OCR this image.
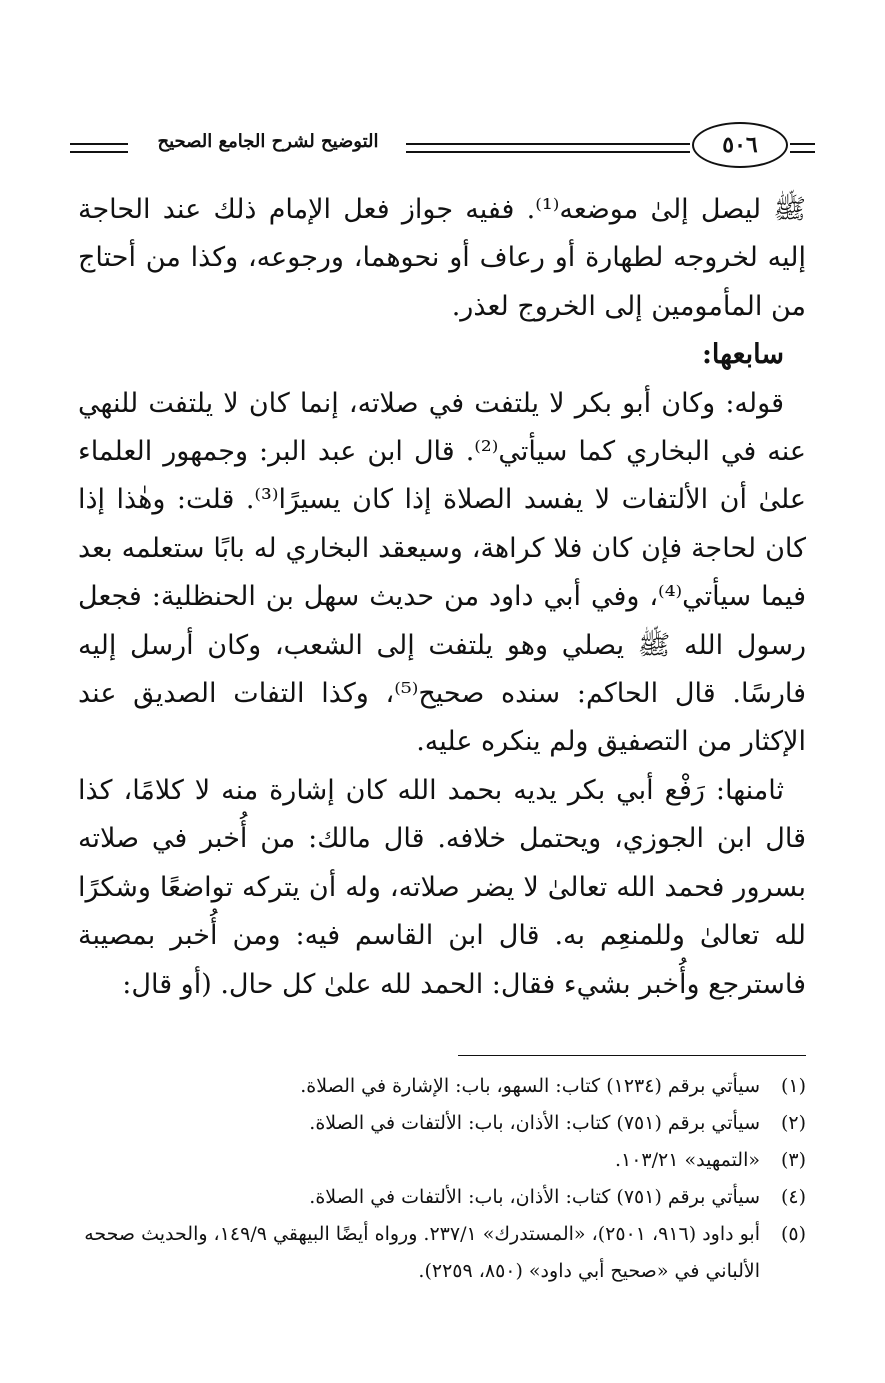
التوضيح لشرح الجامع الصحيح	٥٠٦

ﷺ ليصل إلىٰ موضعه⁽¹⁾. ففيه جواز فعل الإمام ذلك عند الحاجة إليه لخروجه لطهارة أو رعاف أو نحوهما، ورجوعه، وكذا من أحتاج من المأمومين إلى الخروج لعذر.

سابعها:

قوله: وكان أبو بكر لا يلتفت في صلاته، إنما كان لا يلتفت للنهي عنه في البخاري كما سيأتي⁽²⁾. قال ابن عبد البر: وجمهور العلماء علىٰ أن الألتفات لا يفسد الصلاة إذا كان يسيرًا⁽³⁾. قلت: وهٰذا إذا كان لحاجة فإن كان فلا كراهة، وسيعقد البخاري له بابًا ستعلمه بعد فيما سيأتي⁽⁴⁾، وفي أبي داود من حديث سهل بن الحنظلية: فجعل رسول الله ﷺ يصلي وهو يلتفت إلى الشعب، وكان أرسل إليه فارسًا. قال الحاكم: سنده صحيح⁽⁵⁾، وكذا التفات الصديق عند الإكثار من التصفيق ولم ينكره عليه.

ثامنها: رَفْع أبي بكر يديه بحمد الله كان إشارة منه لا كلامًا، كذا قال ابن الجوزي، ويحتمل خلافه. قال مالك: من أُخبر في صلاته بسرور فحمد الله تعالىٰ لا يضر صلاته، وله أن يتركه تواضعًا وشكرًا لله تعالىٰ وللمنعِم به. قال ابن القاسم فيه: ومن أُخبر بمصيبة فاسترجع وأُخبر بشيء فقال: الحمد لله علىٰ كل حال. (أو قال:

(١)
سيأتي برقم (١٢٣٤) كتاب: السهو، باب: الإشارة في الصلاة.
(٢)
سيأتي برقم (٧٥١) كتاب: الأذان، باب: الألتفات في الصلاة.
(٣)
«التمهيد» ١٠٣/٢١.
(٤)
سيأتي برقم (٧٥١) كتاب: الأذان، باب: الألتفات في الصلاة.
(٥)
أبو داود (٩١٦، ٢٥٠١)، «المستدرك» ٢٣٧/١. ورواه أيضًا البيهقي ١٤٩/٩، والحديث صححه الألباني في «صحيح أبي داود» (٨٥٠، ٢٢٥٩).
